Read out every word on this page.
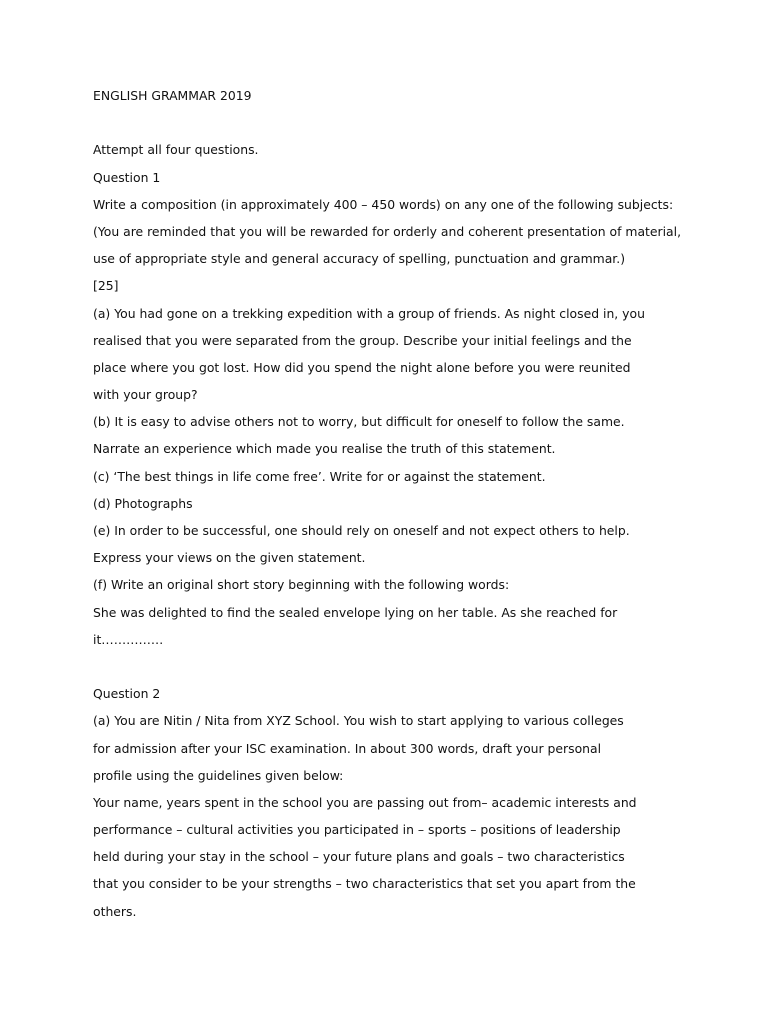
ENGLISH GRAMMAR 2019
Attempt all four questions.
Question 1
Write a composition (in approximately 400 – 450 words) on any one of the following subjects:
(You are reminded that you will be rewarded for orderly and coherent presentation of material,
use of appropriate style and general accuracy of spelling, punctuation and grammar.)
[25]
(a) You had gone on a trekking expedition with a group of friends. As night closed in, you
realised that you were separated from the group. Describe your initial feelings and the
place where you got lost. How did you spend the night alone before you were reunited
with your group?
(b) It is easy to advise others not to worry, but difficult for oneself to follow the same.
Narrate an experience which made you realise the truth of this statement.
(c) ‘The best things in life come free’. Write for or against the statement.
(d) Photographs
(e) In order to be successful, one should rely on oneself and not expect others to help.
Express your views on the given statement.
(f) Write an original short story beginning with the following words:
She was delighted to find the sealed envelope lying on her table. As she reached for
it……………
Question 2
(a) You are Nitin / Nita from XYZ School. You wish to start applying to various colleges
for admission after your ISC examination. In about 300 words, draft your personal
profile using the guidelines given below:
Your name, years spent in the school you are passing out from– academic interests and
performance – cultural activities you participated in – sports – positions of leadership
held during your stay in the school – your future plans and goals – two characteristics
that you consider to be your strengths – two characteristics that set you apart from the
others.
